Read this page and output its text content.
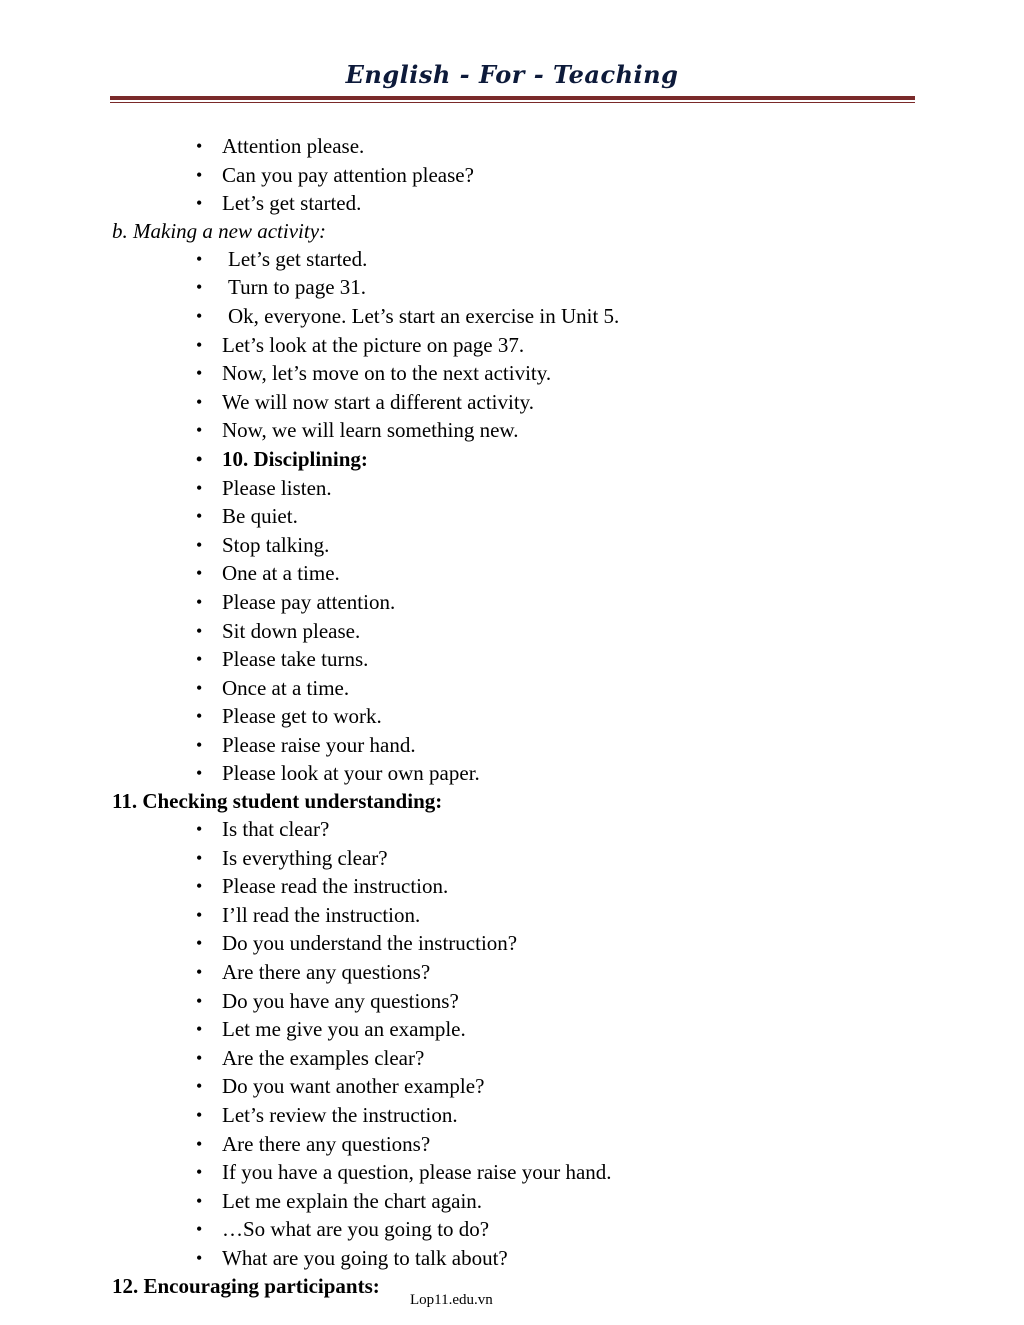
English - For - Teaching
• Attention please.
• Can you pay attention please?
• Let’s get started.
b. Making a new activity:
• Let’s get started.
• Turn to page 31.
• Ok, everyone. Let’s start an exercise in Unit 5.
• Let’s look at the picture on page 37.
• Now, let’s move on to the next activity.
• We will now start a different activity.
• Now, we will learn something new.
• 10. Disciplining:
• Please listen.
• Be quiet.
• Stop talking.
• One at a time.
• Please pay attention.
• Sit down please.
• Please take turns.
• Once at a time.
• Please get to work.
• Please raise your hand.
• Please look at your own paper.
11. Checking student understanding:
• Is that clear?
• Is everything clear?
• Please read the instruction.
• I’ll read the instruction.
• Do you understand the instruction?
• Are there any questions?
• Do you have any questions?
• Let me give you an example.
• Are the examples clear?
• Do you want another example?
• Let’s review the instruction.
• Are there any questions?
• If you have a question, please raise your hand.
• Let me explain the chart again.
• …So what are you going to do?
• What are you going to talk about?
12. Encouraging participants:
Lop11.edu.vn
